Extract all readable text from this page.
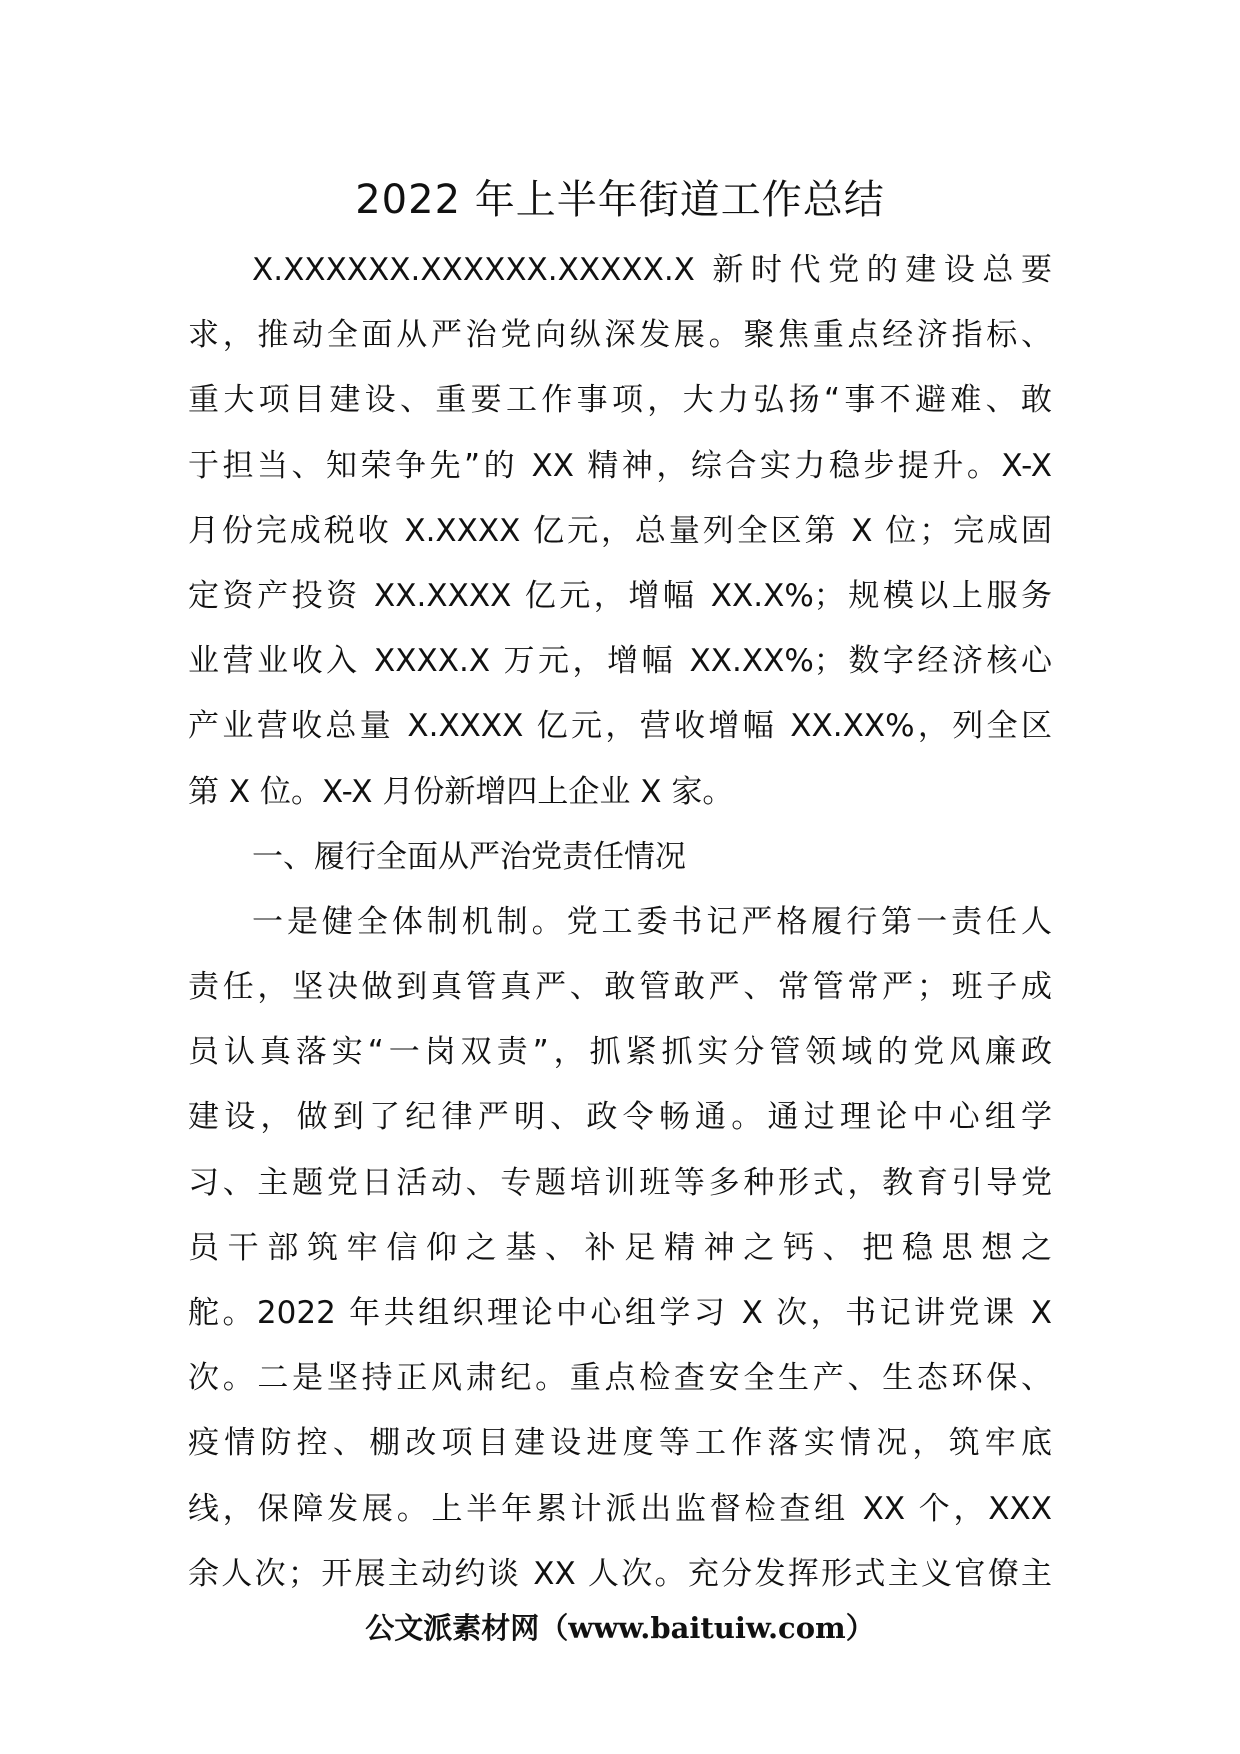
2022 年上半年街道工作总结
X.XXXXXX.XXXXXX.XXXXX.X 新时代党的建设总要
求，推动全面从严治党向纵深发展。聚焦重点经济指标、
重大项目建设、重要工作事项，大力弘扬“事不避难、敢
于担当、知荣争先”的 XX 精神，综合实力稳步提升。X-X
月份完成税收 X.XXXX 亿元，总量列全区第 X 位；完成固
定资产投资 XX.XXXX 亿元，增幅 XX.X%；规模以上服务
业营业收入 XXXX.X 万元，增幅 XX.XX%；数字经济核心
产业营收总量 X.XXXX 亿元，营收增幅 XX.XX%，列全区
第 X 位。X-X 月份新增四上企业 X 家。
一、履行全面从严治党责任情况
一是健全体制机制。党工委书记严格履行第一责任人
责任，坚决做到真管真严、敢管敢严、常管常严；班子成
员认真落实“一岗双责”，抓紧抓实分管领域的党风廉政
建设，做到了纪律严明、政令畅通。通过理论中心组学
习、主题党日活动、专题培训班等多种形式，教育引导党
员干部筑牢信仰之基、补足精神之钙、把稳思想之
舵。2022 年共组织理论中心组学习 X 次，书记讲党课 X
次。二是坚持正风肃纪。重点检查安全生产、生态环保、
疫情防控、棚改项目建设进度等工作落实情况，筑牢底
线，保障发展。上半年累计派出监督检查组 XX 个，XXX
余人次；开展主动约谈 XX 人次。充分发挥形式主义官僚主
公文派素材网（www.baituiw.com）
